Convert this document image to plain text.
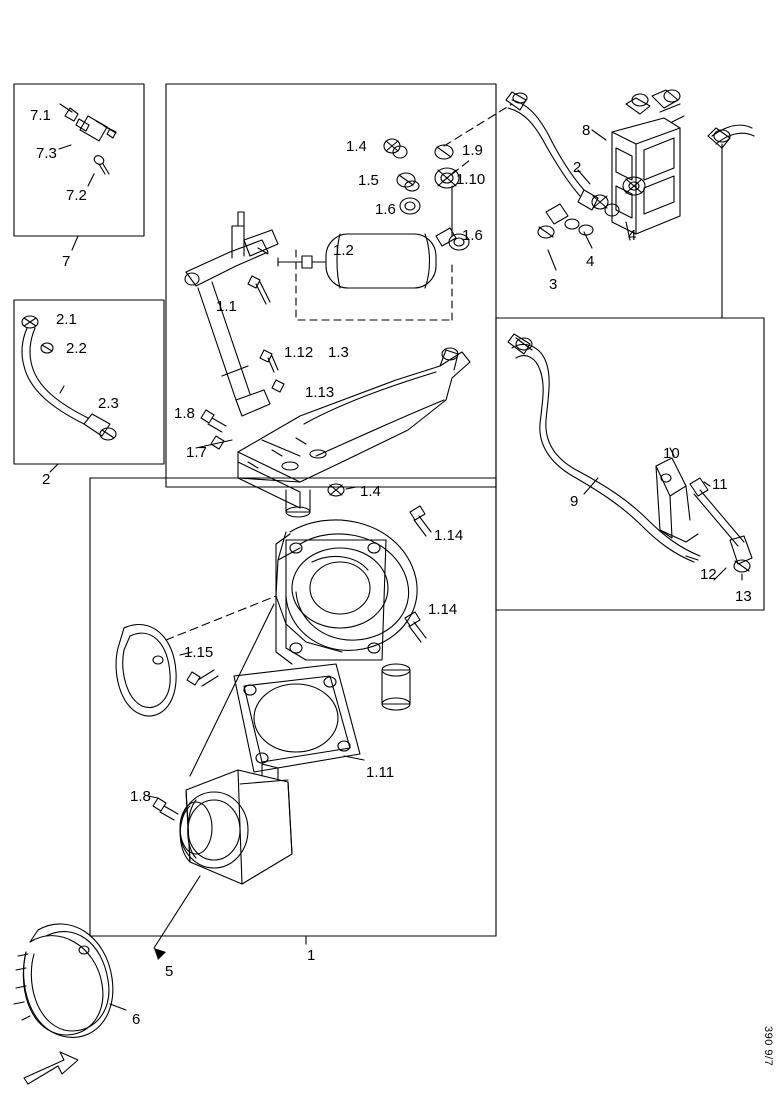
7.1
7.3
7.2
7
2.1
2.2
2.3
2
1.4
1.5
1.6
1.9
1.10
1.6
1.2
1.1
1.12 1.3
1.13
1.8
1.7
1.4
1.14
1.14
1.15
1.11
1.8
1
5
6
8
2
4
3
4
9
10
11
12
13
390 9/7
